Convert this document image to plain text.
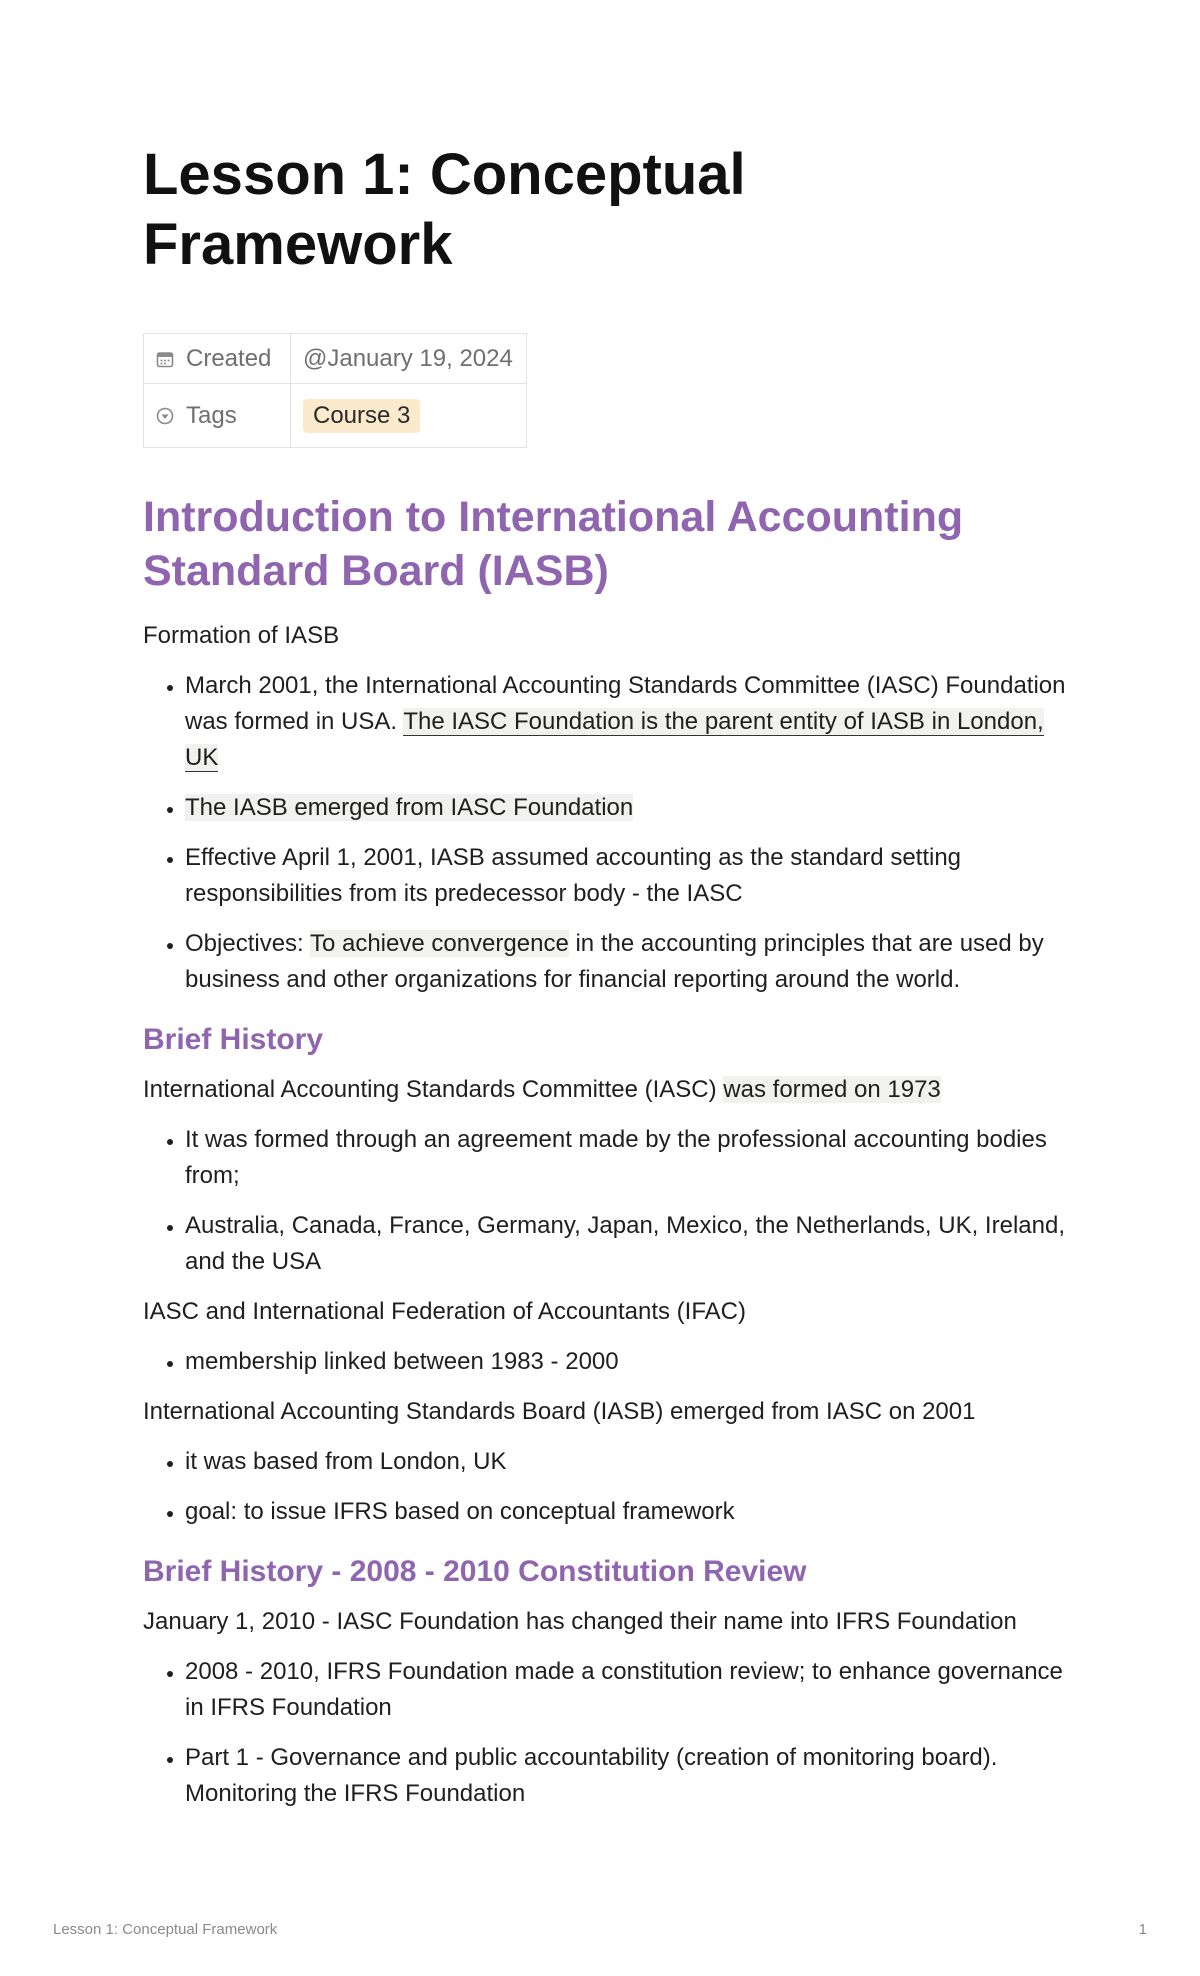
Lesson 1: Conceptual Framework
Created	@January 19, 2024
Tags	Course 3
Introduction to International Accounting Standard Board (IASB)

Formation of IASB

• March 2001, the International Accounting Standards Committee (IASC) Foundation was formed in USA. The IASC Foundation is the parent entity of IASB in London, UK
• The IASB emerged from IASC Foundation
• Effective April 1, 2001, IASB assumed accounting as the standard setting responsibilities from its predecessor body - the IASC
• Objectives: To achieve convergence in the accounting principles that are used by business and other organizations for financial reporting around the world.
Brief History

International Accounting Standards Committee (IASC) was formed on 1973

• It was formed through an agreement made by the professional accounting bodies from;
• Australia, Canada, France, Germany, Japan, Mexico, the Netherlands, UK, Ireland, and the USA

IASC and International Federation of Accountants (IFAC)

• membership linked between 1983 - 2000

International Accounting Standards Board (IASB) emerged from IASC on 2001

• it was based from London, UK
• goal: to issue IFRS based on conceptual framework
Brief History - 2008 - 2010 Constitution Review

January 1, 2010 - IASC Foundation has changed their name into IFRS Foundation

• 2008 - 2010, IFRS Foundation made a constitution review; to enhance governance in IFRS Foundation
• Part 1 - Governance and public accountability (creation of monitoring board). Monitoring the IFRS Foundation
Lesson 1: Conceptual Framework	1
